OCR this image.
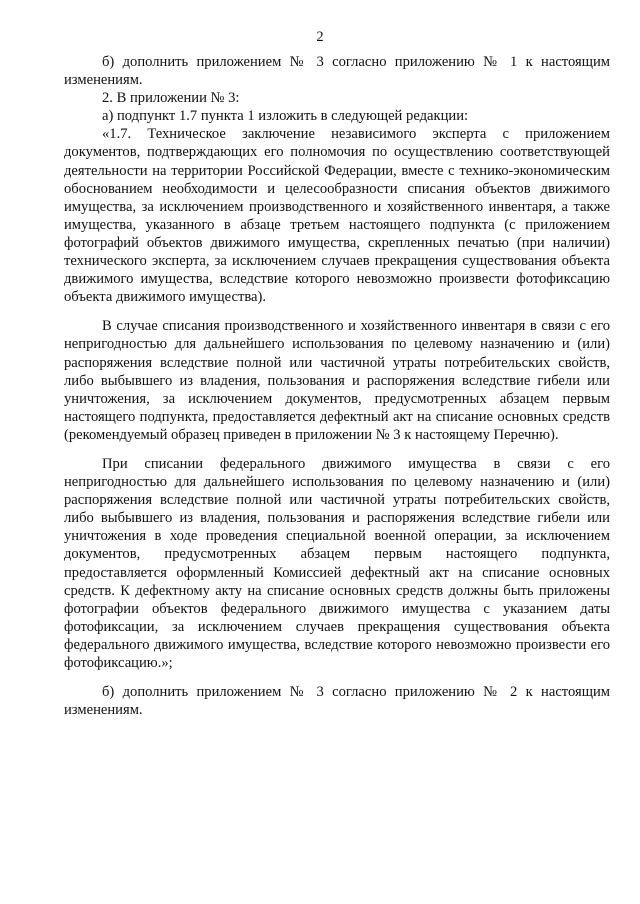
2

б) дополнить приложением № 3 согласно приложению № 1 к настоящим изменениям.

2. В приложении № 3:

а) подпункт 1.7 пункта 1 изложить в следующей редакции:

«1.7. Техническое заключение независимого эксперта с приложением документов, подтверждающих его полномочия по осуществлению соответствующей деятельности на территории Российской Федерации, вместе с технико-экономическим обоснованием необходимости и целесообразности списания объектов движимого имущества, за исключением производственного и хозяйственного инвентаря, а также имущества, указанного в абзаце третьем настоящего подпункта (с приложением фотографий объектов движимого имущества, скрепленных печатью (при наличии) технического эксперта, за исключением случаев прекращения существования объекта движимого имущества, вследствие которого невозможно произвести фотофиксацию объекта движимого имущества).

В случае списания производственного и хозяйственного инвентаря в связи с его непригодностью для дальнейшего использования по целевому назначению и (или) распоряжения вследствие полной или частичной утраты потребительских свойств, либо выбывшего из владения, пользования и распоряжения вследствие гибели или уничтожения, за исключением документов, предусмотренных абзацем первым настоящего подпункта, предоставляется дефектный акт на списание основных средств (рекомендуемый образец приведен в приложении № 3 к настоящему Перечню).

При списании федерального движимого имущества в связи с его непригодностью для дальнейшего использования по целевому назначению и (или) распоряжения вследствие полной или частичной утраты потребительских свойств, либо выбывшего из владения, пользования и распоряжения вследствие гибели или уничтожения в ходе проведения специальной военной операции, за исключением документов, предусмотренных абзацем первым настоящего подпункта, предоставляется оформленный Комиссией дефектный акт на списание основных средств. К дефектному акту на списание основных средств должны быть приложены фотографии объектов федерального движимого имущества с указанием даты фотофиксации, за исключением случаев прекращения существования объекта федерального движимого имущества, вследствие которого невозможно произвести его фотофиксацию.»;

б) дополнить приложением № 3 согласно приложению № 2 к настоящим изменениям.
